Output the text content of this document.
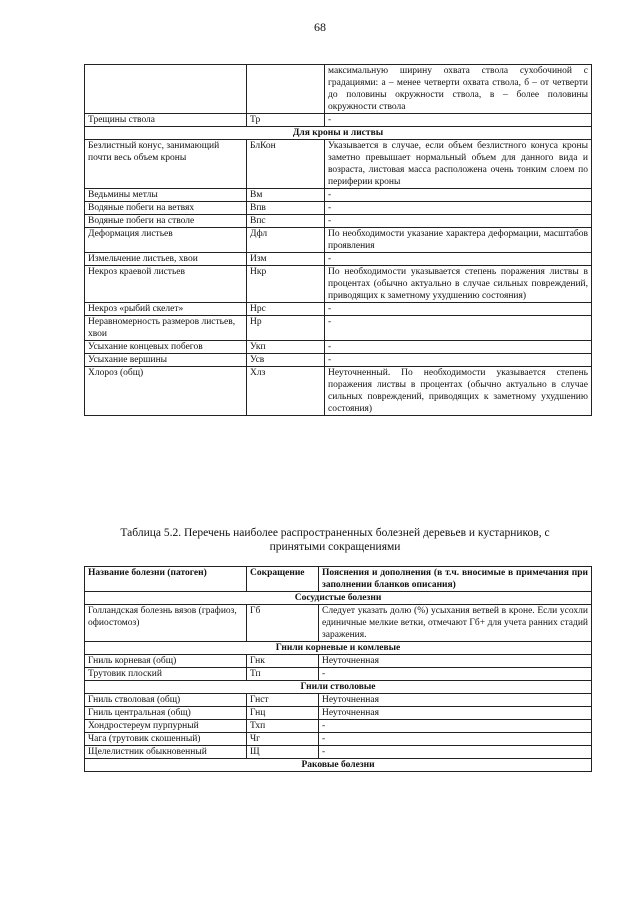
68
		максимальную ширину охвата ствола сухобочиной с градациями: а – менее четверти охвата ствола, б – от четверти до половины окружности ствола, в – более половины окружности ствола
Трещины ствола	Тр	-
Для кроны и листвы		
Безлистный конус, занимающий почти весь объем кроны	БлКон	Указывается в случае, если объем безлистного конуса кроны заметно превышает нормальный объем для данного вида и возраста, листовая масса расположена очень тонким слоем по периферии кроны
Ведьмины метлы	Вм	-
Водяные побеги на ветвях	Впв	-
Водяные побеги на стволе	Впс	-
Деформация листьев	Дфл	По необходимости указание характера деформации, масштабов проявления
Измельчение листьев, хвои	Изм	-
Некроз краевой листьев	Нкр	По необходимости указывается степень поражения листвы в процентах (обычно актуально в случае сильных повреждений, приводящих к заметному ухудшению состояния)
Некроз «рыбий скелет»	Нрс	-
Неравномерность размеров листьев, хвои	Нр	-
Усыхание концевых побегов	Укп	-
Усыхание вершины	Усв	-
Хлороз (общ)	Хлз	Неуточненный. По необходимости указывается степень поражения листвы в процентах (обычно актуально в случае сильных повреждений, приводящих к заметному ухудшению состояния)
Таблица 5.2. Перечень наиболее распространенных болезней деревьев и кустарников, с принятыми сокращениями
Название болезни (патоген)	Сокращение	Пояснения и дополнения (в т.ч. вносимые в примечания при заполнении бланков описания)
Сосудистые болезни		
Голландская болезнь вязов (графиоз, офиостомоз)	Гб	Следует указать долю (%) усыхания ветвей в кроне. Если усохли единичные мелкие ветки, отмечают Гб+ для учета ранних стадий заражения.
Гнили корневые и комлевые		
Гниль корневая (общ)	Гнк	Неуточненная
Трутовик плоский	Тп	-
Гнили стволовые		
Гниль стволовая (общ)	Гнст	Неуточненная
Гниль центральная (общ)	Гнц	Неуточненная
Хондростереум пурпурный	Тхп	-
Чага (трутовик скошенный)	Чг	-
Щелелистник обыкновенный	Щ	-
Раковые болезни		
